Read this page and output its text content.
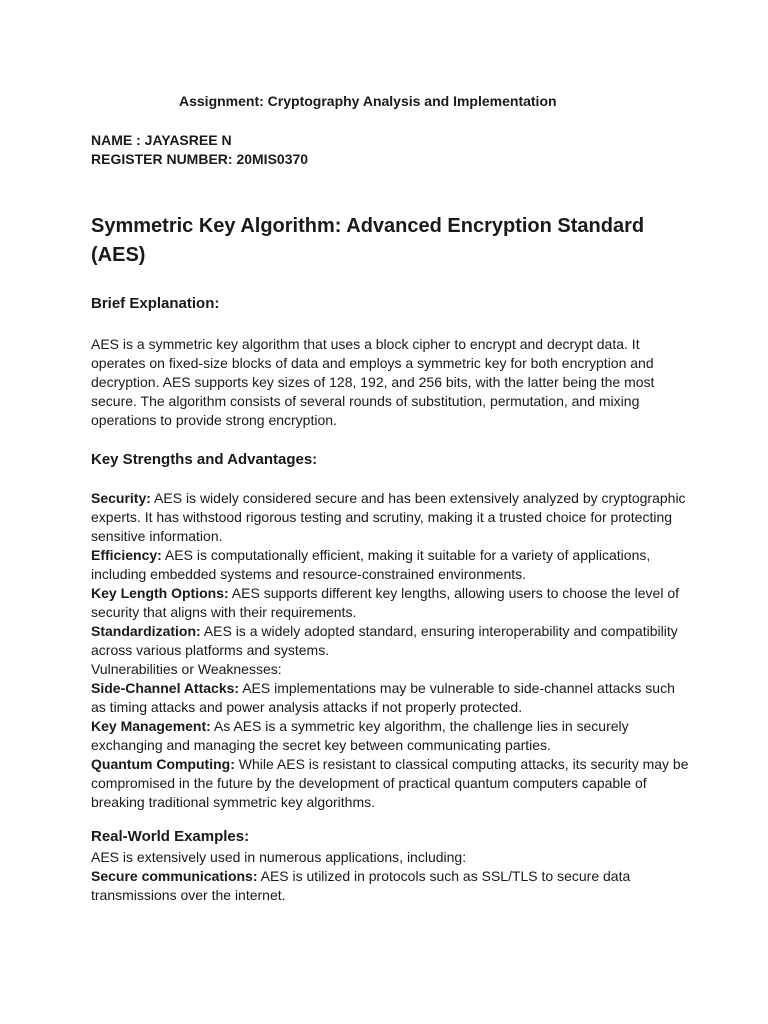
Assignment: Cryptography Analysis and Implementation
NAME : JAYASREE N
REGISTER NUMBER: 20MIS0370
Symmetric Key Algorithm: Advanced Encryption Standard (AES)
Brief Explanation:

AES is a symmetric key algorithm that uses a block cipher to encrypt and decrypt data. It operates on fixed-size blocks of data and employs a symmetric key for both encryption and decryption. AES supports key sizes of 128, 192, and 256 bits, with the latter being the most secure. The algorithm consists of several rounds of substitution, permutation, and mixing operations to provide strong encryption.

Key Strengths and Advantages:

Security: AES is widely considered secure and has been extensively analyzed by cryptographic experts. It has withstood rigorous testing and scrutiny, making it a trusted choice for protecting sensitive information.

Efficiency: AES is computationally efficient, making it suitable for a variety of applications, including embedded systems and resource-constrained environments.

Key Length Options: AES supports different key lengths, allowing users to choose the level of security that aligns with their requirements.

Standardization: AES is a widely adopted standard, ensuring interoperability and compatibility across various platforms and systems.

Vulnerabilities or Weaknesses:

Side-Channel Attacks: AES implementations may be vulnerable to side-channel attacks such as timing attacks and power analysis attacks if not properly protected.

Key Management: As AES is a symmetric key algorithm, the challenge lies in securely exchanging and managing the secret key between communicating parties.

Quantum Computing: While AES is resistant to classical computing attacks, its security may be compromised in the future by the development of practical quantum computers capable of breaking traditional symmetric key algorithms.

Real-World Examples:

AES is extensively used in numerous applications, including:

Secure communications: AES is utilized in protocols such as SSL/TLS to secure data transmissions over the internet.
